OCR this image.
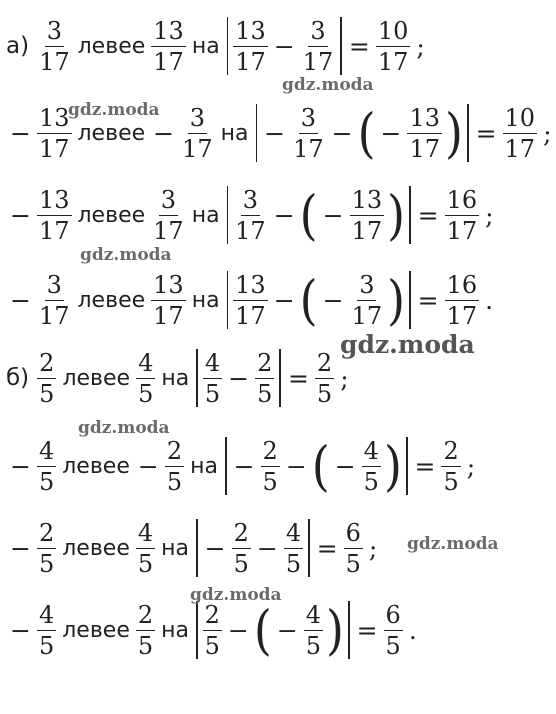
$а) \frac{3}{17}$ левее $\frac{13}{17}$ на $\frac{13}{17} - \frac{3}{17} = \frac{10}{17}$ ;
− $\frac{13}{17}$ левее − $\frac{3}{17}$ на − $\frac{3}{17}$ − ( − $\frac{13}{17}$ ) = $\frac{10}{17}$ ;
− $\frac{13}{17}$ левее $\frac{3}{17}$ на $\frac{3}{17}$ − ( − $\frac{13}{17}$ ) = $\frac{16}{17}$ ;
− $\frac{3}{17}$ левее $\frac{13}{17}$ на $\frac{13}{17}$ − ( − $\frac{3}{17}$ ) = $\frac{16}{17}$ .
$б) \frac{2}{5}$ левее $\frac{4}{5}$ на $\frac{4}{5} - \frac{2}{5} = \frac{2}{5}$ ;
− $\frac{4}{5}$ левее − $\frac{2}{5}$ на − $\frac{2}{5}$ − ( − $\frac{4}{5}$ ) = $\frac{2}{5}$ ;
− $\frac{2}{5}$ левее $\frac{4}{5}$ на − $\frac{2}{5} - \frac{4}{5} = \frac{6}{5}$ ;
− $\frac{4}{5}$ левее $\frac{2}{5}$ на $\frac{2}{5}$ − ( − $\frac{4}{5}$ ) = $\frac{6}{5}$ .
gdz.moda
gdz.moda
gdz.moda
gdz.moda
gdz.moda
gdz.moda
gdz.moda
